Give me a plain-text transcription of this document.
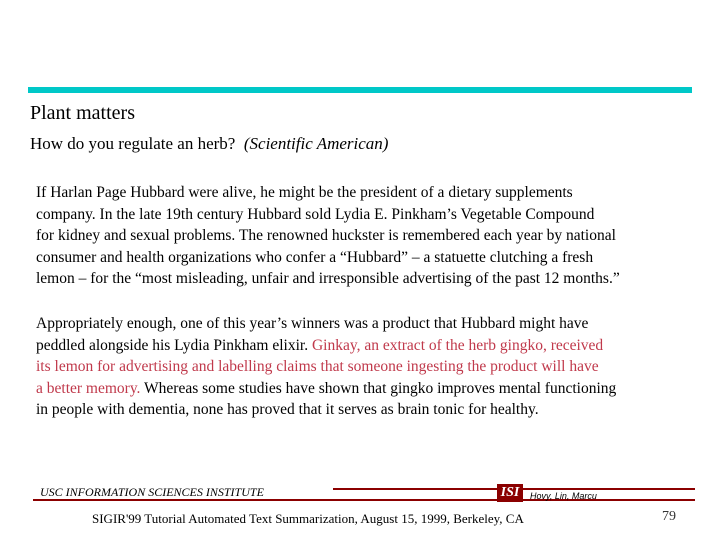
Plant matters
How do you regulate an herb? (Scientific American)
If Harlan Page Hubbard were alive, he might be the president of a dietary supplements
company. In the late 19th century Hubbard sold Lydia E. Pinkham’s Vegetable Compound
for kidney and sexual problems. The renowned huckster is remembered each year by national
consumer and health organizations who confer a “Hubbard” – a statuette clutching a fresh
lemon – for the “most misleading, unfair and irresponsible advertising of the past 12 months.”
Appropriately enough, one of this year’s winners was a product that Hubbard might have
peddled alongside his Lydia Pinkham elixir. Ginkay, an extract of the herb gingko, received
its lemon for advertising and labelling claims that someone ingesting the product will have
a better memory. Whereas some studies have shown that gingko improves mental functioning
in people with dementia, none has proved that it serves as brain tonic for healthy.
USC INFORMATION SCIENCES INSTITUTE	ISI	Hovy, Lin, Marcu
SIGIR'99 Tutorial Automated Text Summarization, August 15, 1999, Berkeley, CA	79
